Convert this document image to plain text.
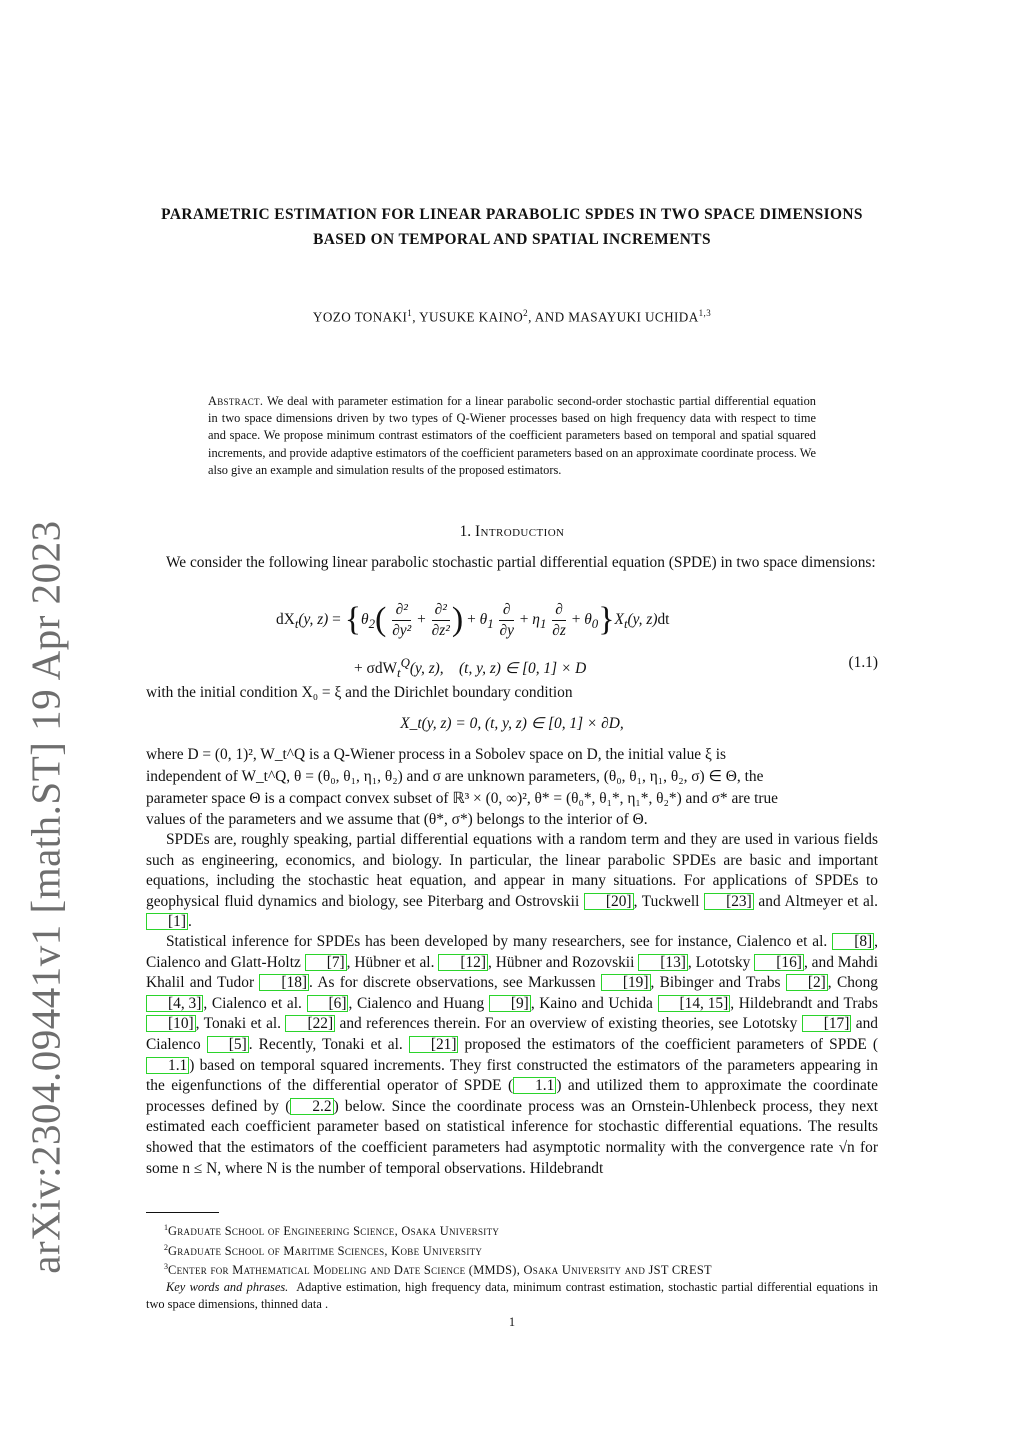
arXiv:2304.09441v1 [math.ST] 19 Apr 2023
PARAMETRIC ESTIMATION FOR LINEAR PARABOLIC SPDES IN TWO SPACE DIMENSIONS BASED ON TEMPORAL AND SPATIAL INCREMENTS
YOZO TONAKI$^1$, YUSUKE KAINO$^2$, AND MASAYUKI UCHIDA$^{1,3}$
Abstract. We deal with parameter estimation for a linear parabolic second-order stochastic partial differential equation in two space dimensions driven by two types of Q-Wiener processes based on high frequency data with respect to time and space. We propose minimum contrast estimators of the coefficient parameters based on temporal and spatial squared increments, and provide adaptive estimators of the coefficient parameters based on an approximate coordinate process. We also give an example and simulation results of the proposed estimators.
1. Introduction

We consider the following linear parabolic stochastic partial differential equation (SPDE) in two space dimensions:

$dX_t(y$, $z) = \{\theta_2( \frac{\text{∂²}}{\text{∂y²}} + \frac{\text{∂²}}{\text{∂z²}}$ ) + $\theta_1 \frac{\partial}{\partial y} + \eta_1 \frac{\partial}{\partial z} + \theta_0\}X_t(y$, z)dt
+ σdW$_t^Q$(y, z),    (t, y, z) ∈ [0, 1] × D	(1.1)

with the initial condition X₀ = ξ and the Dirichlet boundary condition

X_t(y, z) = 0, (t, y, z) ∈ [0, 1] × ∂D,

where D = (0, 1)², W_t^Q is a Q-Wiener process in a Sobolev space on D, the initial value ξ is

independent of W_t^Q, θ = (θ₀, θ₁, η₁, θ₂) and σ are unknown parameters, (θ₀, θ₁, η₁, θ₂, σ) ∈ Θ, the

parameter space Θ is a compact convex subset of ℝ³ × (0, ∞)², θ* = (θ₀*, θ₁*, η₁*, θ₂*) and σ* are true

values of the parameters and we assume that (θ*, σ*) belongs to the interior of Θ.

SPDEs are, roughly speaking, partial differential equations with a random term and they are used in various fields such as engineering, economics, and biology. In particular, the linear parabolic SPDEs are basic and important equations, including the stochastic heat equation, and appear in many situations. For applications of SPDEs to geophysical fluid dynamics and biology, see Piterbarg and Ostrovskii [20] , Tuckwell [23] and Altmeyer et al. [1] .

Statistical inference for SPDEs has been developed by many researchers, see for instance, Cialenco et al. [8] , Cialenco and Glatt-Holtz [7] , Hübner et al. [12] , Hübner and Rozovskii [13] , Lototsky [16] , and Mahdi Khalil and Tudor [18] . As for discrete observations, see Markussen [19] , Bibinger and Trabs [2] , Chong [4, 3] , Cialenco et al. [6] , Cialenco and Huang [9] , Kaino and Uchida [14, 15] , Hildebrandt and Trabs [10] , Tonaki et al. [22] and references therein. For an overview of existing theories, see Lototsky [17] and Cialenco [5] . Recently, Tonaki et al. [21] proposed the estimators of the coefficient parameters of SPDE (1.1 ) based on temporal squared increments. They first constructed the estimators of the parameters appearing in the eigenfunctions of the differential operator of SPDE ( 1.1 ) and utilized them to approximate the coordinate processes defined by ( 2.2 ) below. Since the coordinate process was an Ornstein-Uhlenbeck process, they next estimated each coefficient parameter based on statistical inference for stochastic differential equations. The results showed that the estimators of the coefficient parameters had asymptotic normality with the convergence rate √n for some n ≤ N, where N is the number of temporal observations. Hildebrandt

$^1$Graduate School of Engineering Science, Osaka University
$^2$Graduate School of Maritime Sciences, Kobe University
$^3$Center for Mathematical Modeling and Date Science (MMDS), Osaka University and JST CREST
Key words and phrases. Adaptive estimation, high frequency data, minimum contrast estimation, stochastic partial differential equations in two space dimensions, thinned data .
1
